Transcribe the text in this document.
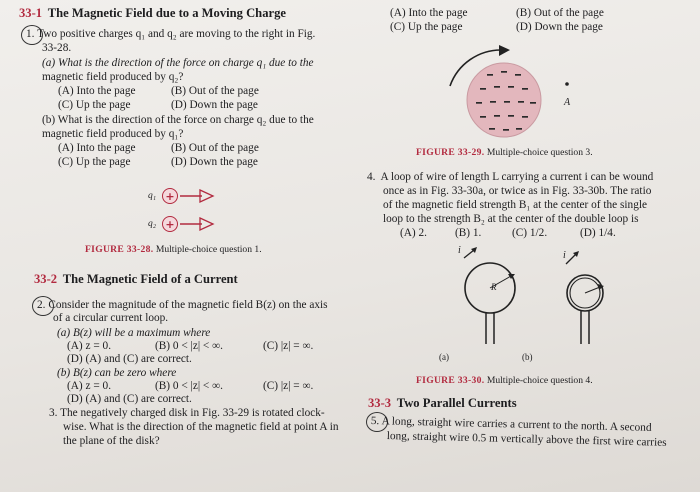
33-1 The Magnetic Field due to a Moving Charge
1. Two positive charges q₁ and q₂ are moving to the right in Fig.
33-28.
(a) What is the direction of the force on charge q₁ due to the
magnetic field produced by q₂?
(A) Into the page	(B) Out of the page
(C) Up the page	(D) Down the page
(b) What is the direction of the force on charge q₂ due to the
magnetic field produced by q₁?
(A) Into the page	(B) Out of the page
(C) Up the page	(D) Down the page
q₁ +
q₂ +
FIGURE 33-28. Multiple-choice question 1.
33-2 The Magnetic Field of a Current
2. Consider the magnitude of the magnetic field B(z) on the axis
of a circular current loop.
(a) B(z) will be a maximum where
(A) z = 0.	(B) 0 < |z| < ∞.	(C) |z| = ∞.
(D) (A) and (C) are correct.
(b) B(z) can be zero where
(A) z = 0.	(B) 0 < |z| < ∞.	(C) |z| = ∞.
(D) (A) and (C) are correct.
3. The negatively charged disk in Fig. 33-29 is rotated clock-
wise. What is the direction of the magnetic field at point A in
the plane of the disk?
(A) Into the page	(B) Out of the page
(C) Up the page	(D) Down the page
A
FIGURE 33-29. Multiple-choice question 3.
4. A loop of wire of length L carrying a current i can be wound
once as in Fig. 33-30a, or twice as in Fig. 33-30b. The ratio
of the magnetic field strength B₁ at the center of the single
loop to the strength B₂ at the center of the double loop is
(A) 2. (B) 1.	(C) 1/2.	(D) 1/4.
i	i
R
(a)	(b)
FIGURE 33-30. Multiple-choice question 4.
33-3 Two Parallel Currents
5. A long, straight wire carries a current to the north. A second
long, straight wire 0.5 m vertically above the first wire carries
